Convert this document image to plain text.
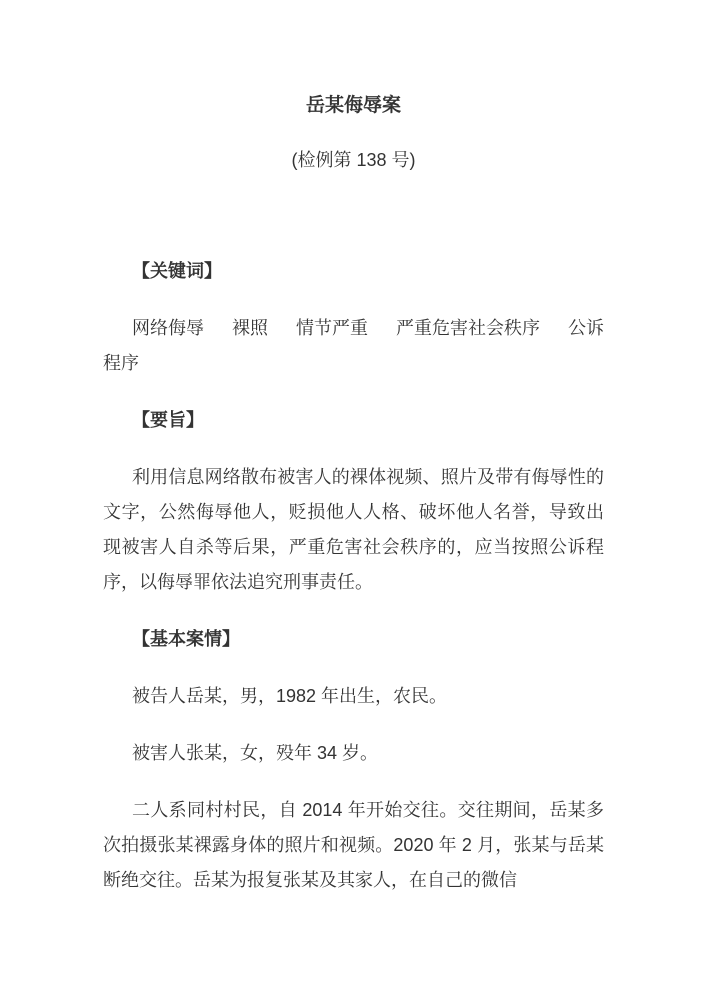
岳某侮辱案

(检例第 138 号)

【关键词】

网络侮辱 裸照 情节严重 严重危害社会秩序 公诉程序

【要旨】

利用信息网络散布被害人的裸体视频、照片及带有侮辱性的文字，公然侮辱他人，贬损他人人格、破坏他人名誉，导致出现被害人自杀等后果，严重危害社会秩序的，应当按照公诉程序，以侮辱罪依法追究刑事责任。

【基本案情】

被告人岳某，男，1982 年出生，农民。

被害人张某，女，殁年 34 岁。

二人系同村村民，自 2014 年开始交往。交往期间，岳某多次拍摄张某裸露身体的照片和视频。2020 年 2 月，张某与岳某断绝交往。岳某为报复张某及其家人，在自己的微信
